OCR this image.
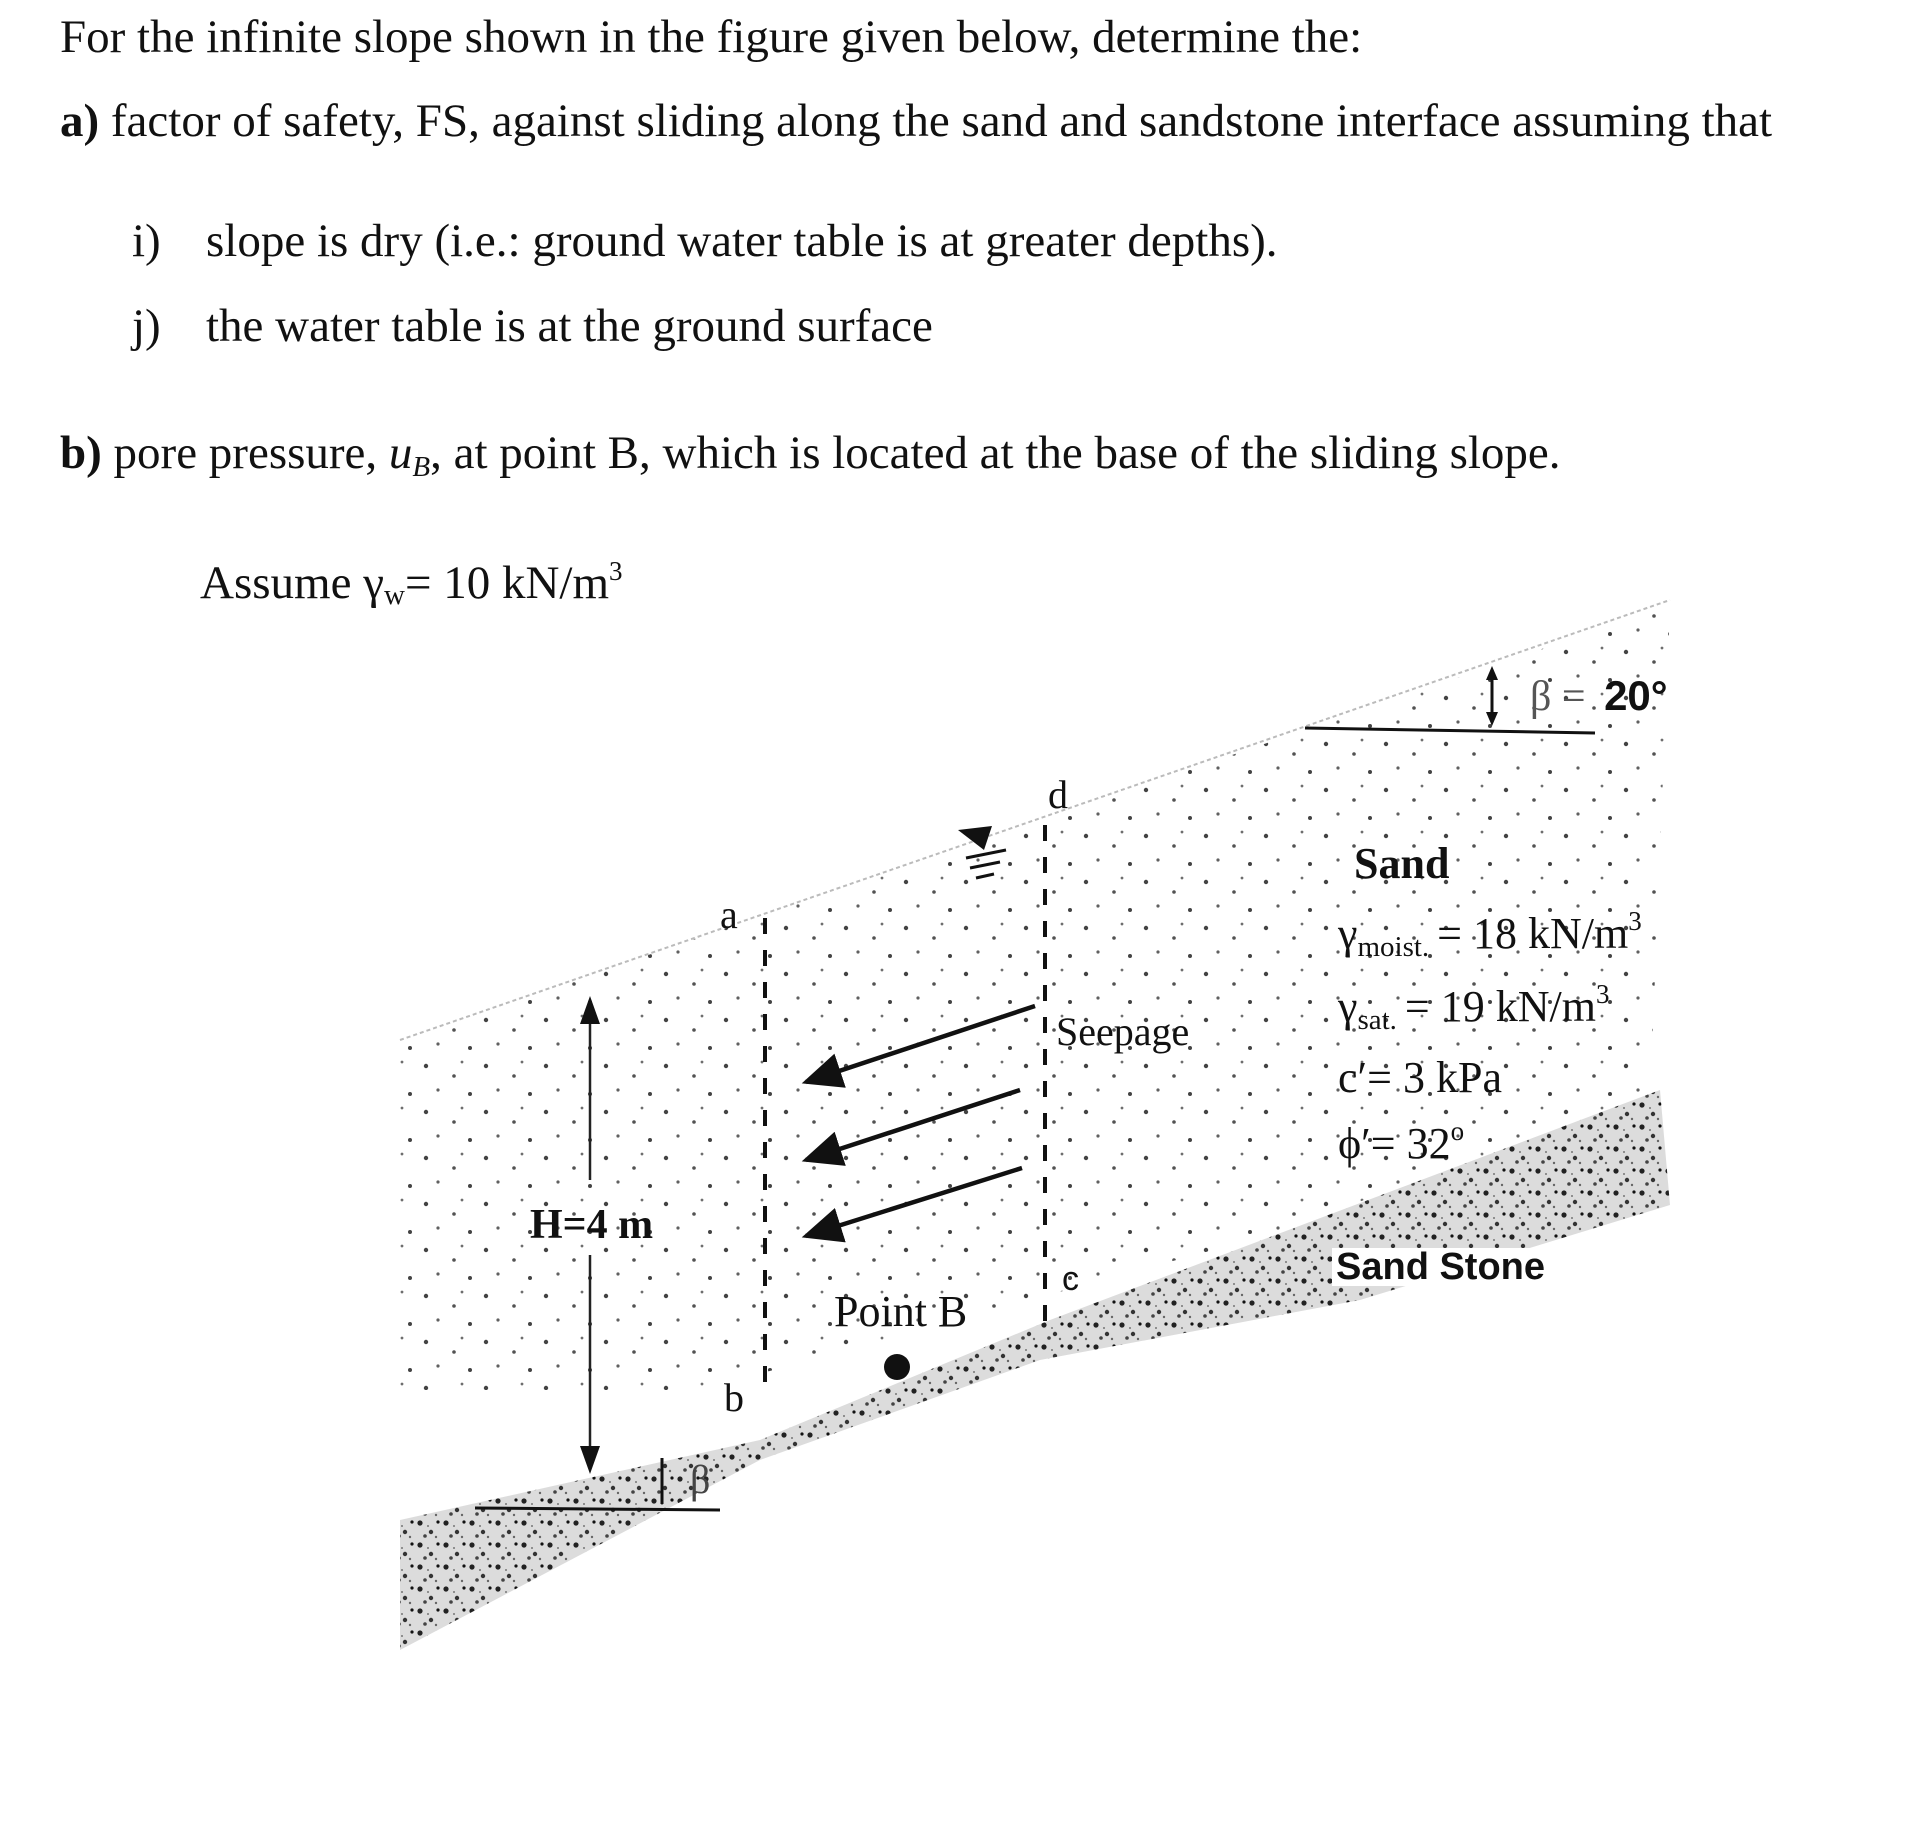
For the infinite slope shown in the figure given below, determine the:
a) factor of safety, FS, against sliding along the sand and sandstone interface assuming that
i) slope is dry (i.e.: ground water table is at greater depths).
j) the water table is at the ground surface
b) pore pressure, $u_B$, at point B, which is located at the base of the sliding slope.
Assume $\gamma_w= 10$ $kN/m^3$
β = 20°
d
a
b
c
Seepage
H=4 m
Point B
β
Sand
$\gamma_{moist.} = 18$ $kN/m^3$
$\gamma_{sat.} = 19$ $kN/m^3$
c′= 3 kPa
$\phi'= 32^o$
Sand Stone
